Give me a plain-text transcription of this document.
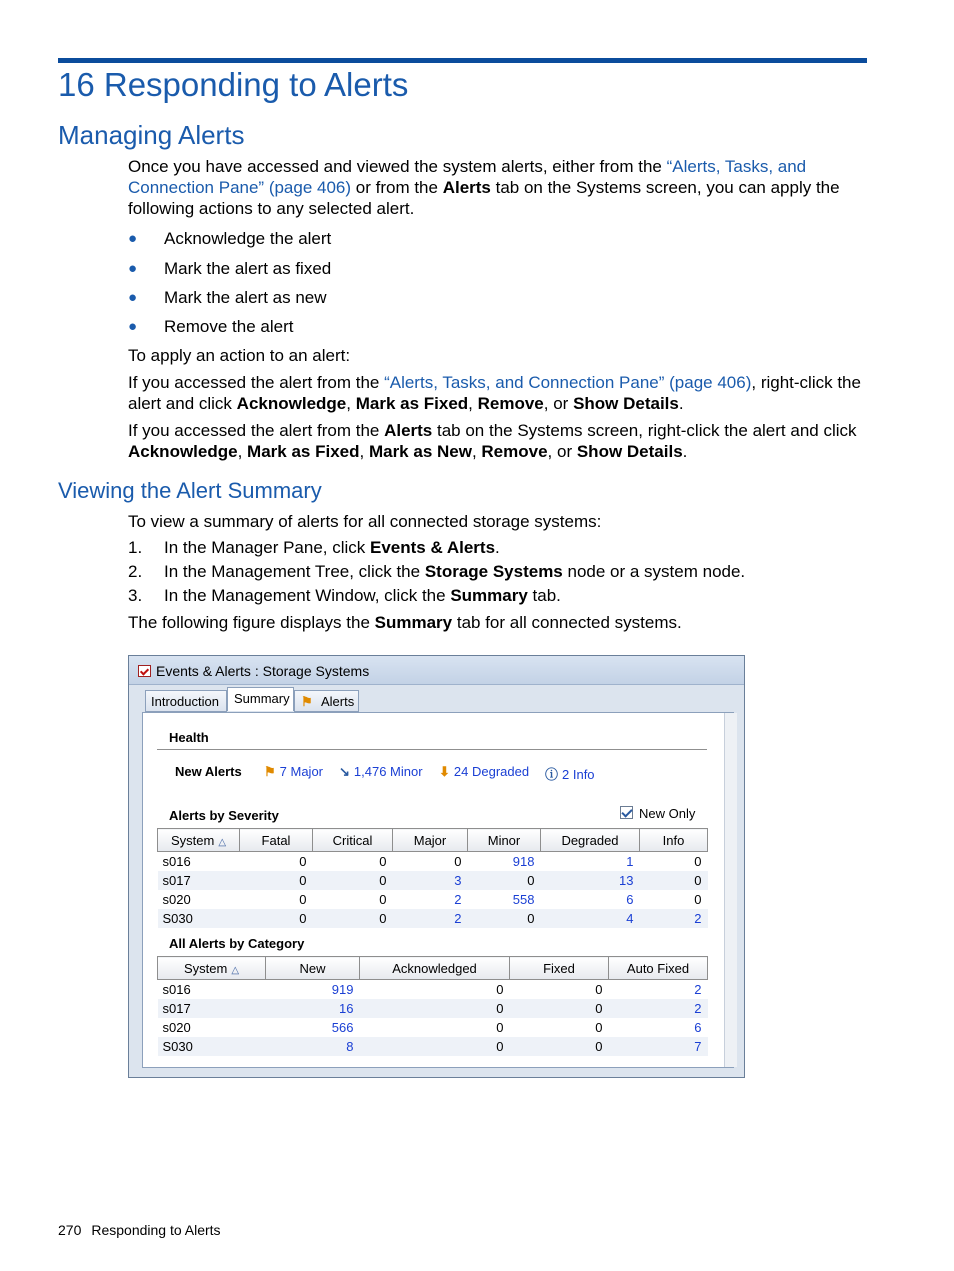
16 Responding to Alerts
Managing Alerts
Once you have accessed and viewed the system alerts, either from the “Alerts, Tasks, and
Connection Pane” (page 406) or from the Alerts tab on the Systems screen, you can apply the
following actions to any selected alert.
● Acknowledge the alert
● Mark the alert as fixed
● Mark the alert as new
● Remove the alert
To apply an action to an alert:
If you accessed the alert from the “Alerts, Tasks, and Connection Pane” (page 406), right-click the
alert and click Acknowledge, Mark as Fixed, Remove, or Show Details.
If you accessed the alert from the Alerts tab on the Systems screen, right-click the alert and click
Acknowledge, Mark as Fixed, Mark as New, Remove, or Show Details.
Viewing the Alert Summary
To view a summary of alerts for all connected storage systems:
1. In the Manager Pane, click Events & Alerts.
2. In the Management Tree, click the Storage Systems node or a system node.
3. In the Management Window, click the Summary tab.
The following figure displays the Summary tab for all connected systems.
Events & Alerts : Storage Systems
Introduction Summary ⚑ Alerts
Health
New Alerts ⚑ 7 Major ↘ 1,476 Minor ⬇ 24 Degraded ⓘ 2 Info
Alerts by Severity	New Only
System △	Fatal	Critical	Major	Minor	Degraded	Info
s016	0	0	0	918	1	0
s017	0	0	3	0	13	0
s020	0	0	2	558	6	0
S030	0	0	2	0	4	2
All Alerts by Category
System △	New	Acknowledged	Fixed	Auto Fixed
s016	919	0	0	2
s017	16	0	0	2
s020	566	0	0	6
S030	8	0	0	7
270 Responding to Alerts
